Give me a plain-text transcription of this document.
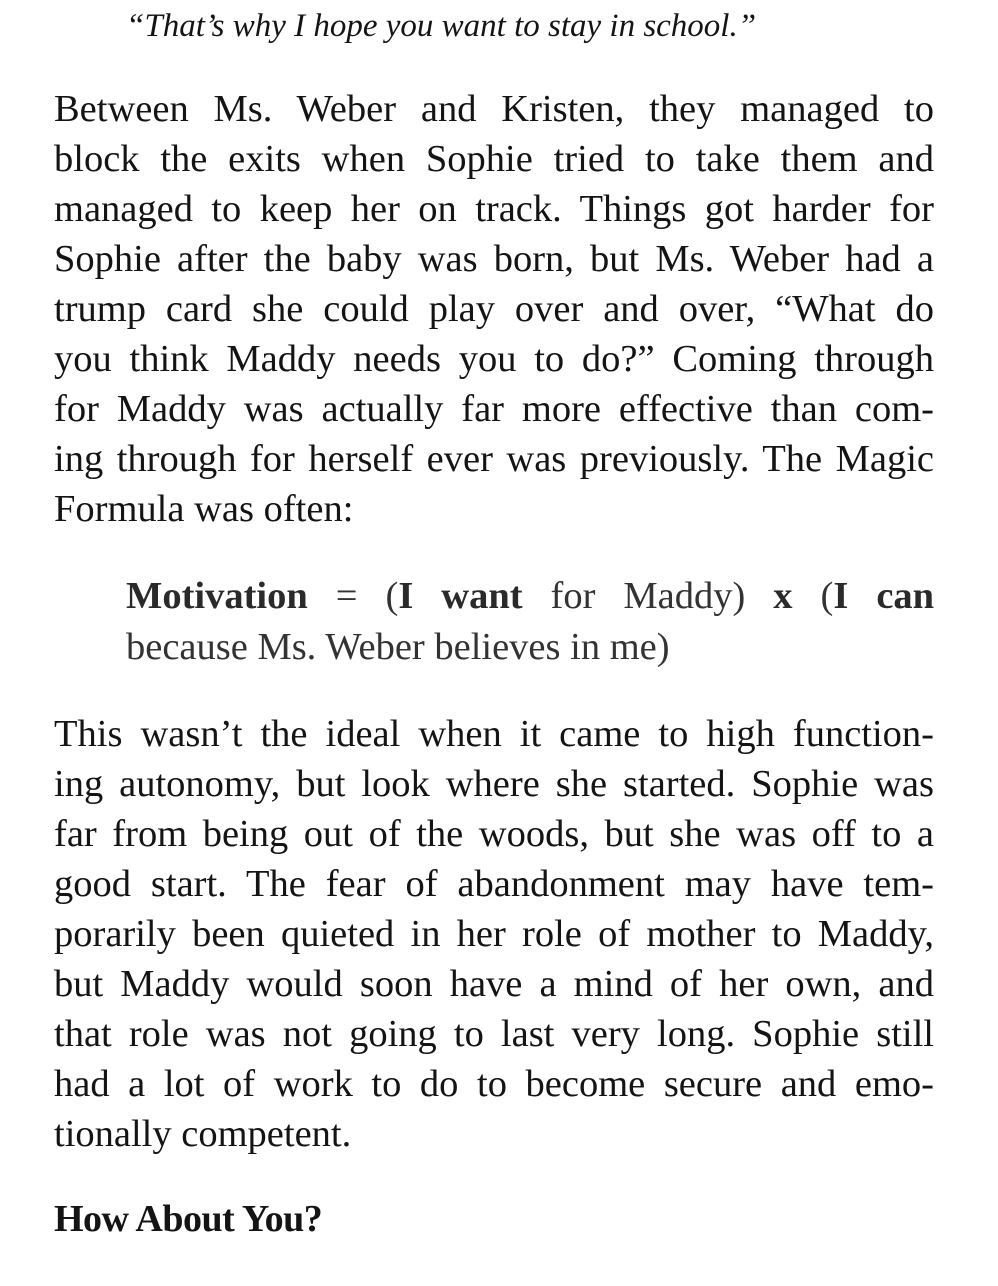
“That’s why I hope you want to stay in school.”

Between Ms. Weber and Kristen, they managed to
block the exits when Sophie tried to take them and
managed to keep her on track. Things got harder for
Sophie after the baby was born, but Ms. Weber had a
trump card she could play over and over, “What do
you think Maddy needs you to do?” Coming through
for Maddy was actually far more effective than com-
ing through for herself ever was previously. The Magic
Formula was often:
Motivation = (I want for Maddy) x (I can
because Ms. Weber believes in me)
This wasn’t the ideal when it came to high function-
ing autonomy, but look where she started. Sophie was
far from being out of the woods, but she was off to a
good start. The fear of abandonment may have tem-
porarily been quieted in her role of mother to Maddy,
but Maddy would soon have a mind of her own, and
that role was not going to last very long. Sophie still
had a lot of work to do to become secure and emo-
tionally competent.
How About You?
